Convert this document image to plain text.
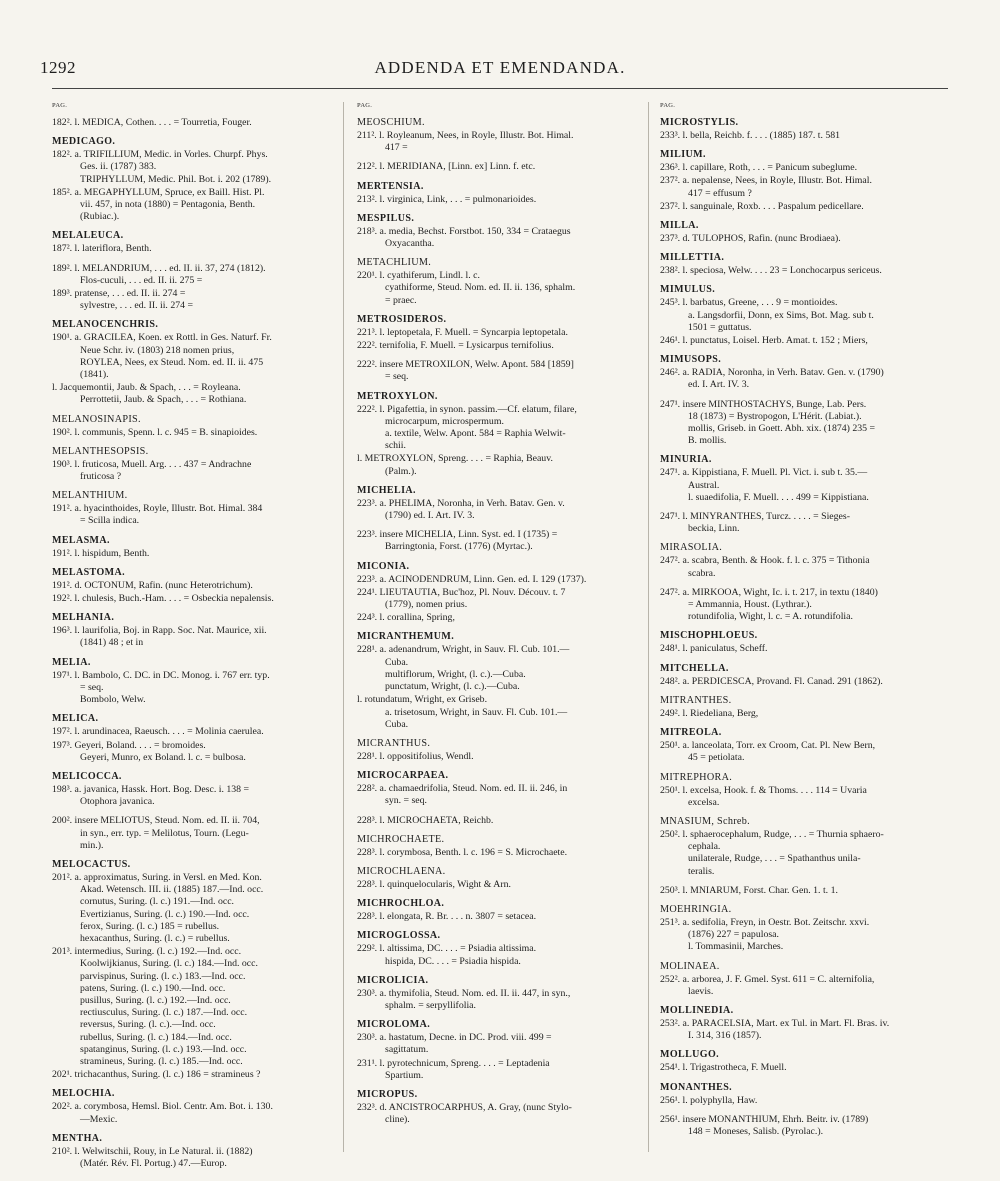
1292	ADDENDA ET EMENDANDA.
PAG.
182². l. MEDICA, Cothen. . . . = Tourretia, Fouger.
MEDICAGO.
182². a. TRIFILLIUM, Medic. in Vorles. Churpf. Phys.
Ges. ii. (1787) 383.
TRIPHYLLUM, Medic. Phil. Bot. i. 202 (1789).
185². a. MEGAPHYLLUM, Spruce, ex Baill. Hist. Pl.
vii. 457, in nota (1880) = Pentagonia, Benth.
(Rubiac.).
MELALEUCA.
187². l. lateriflora, Benth.
189². l. MELANDRIUM, . . . ed. II. ii. 37, 274 (1812).
Flos-cuculi, . . . ed. II. ii. 275 =
189³. pratense, . . . ed. II. ii. 274 =
sylvestre, . . . ed. II. ii. 274 =
MELANOCENCHRIS.
190¹. a. GRACILEA, Koen. ex Rottl. in Ges. Naturf. Fr.
Neue Schr. iv. (1803) 218 nomen prius,
ROYLEA, Nees, ex Steud. Nom. ed. II. ii. 475
(1841).
l. Jacquemontii, Jaub. & Spach, . . . = Royleana.
Perrottetii, Jaub. & Spach, . . . = Rothiana.
MELANOSINAPIS.
190². l. communis, Spenn. l. c. 945 = B. sinapioides.
MELANTHESOPSIS.
190³. l. fruticosa, Muell. Arg. . . . 437 = Andrachne
fruticosa ?
MELANTHIUM.
191². a. hyacinthoides, Royle, Illustr. Bot. Himal. 384
= Scilla indica.
MELASMA.
191². l. hispidum, Benth.
MELASTOMA.
191². d. OCTONUM, Rafin. (nunc Heterotrichum).
192². l. chulesis, Buch.-Ham. . . . = Osbeckia nepalensis.
MELHANIA.
196³. l. laurifolia, Boj. in Rapp. Soc. Nat. Maurice, xii.
(1841) 48 ; et in
MELIA.
197¹. l. Bambolo, C. DC. in DC. Monog. i. 767 err. typ.
= seq.
Bombolo, Welw.
MELICA.
197². l. arundinacea, Raeusch. . . . = Molinia caerulea.
197³. Geyeri, Boland. . . . = bromoides.
Geyeri, Munro, ex Boland. l. c. = bulbosa.
MELICOCCA.
198³. a. javanica, Hassk. Hort. Bog. Desc. i. 138 =
Otophora javanica.
200². insere MELIOTUS, Steud. Nom. ed. II. ii. 704,
in syn., err. typ. = Melilotus, Tourn. (Legu-
min.).
MELOCACTUS.
201². a. approximatus, Suring. in Versl. en Med. Kon.
Akad. Wetensch. III. ii. (1885) 187.—Ind. occ.
cornutus, Suring. (l. c.) 191.—Ind. occ.
Evertizianus, Suring. (l. c.) 190.—Ind. occ.
ferox, Suring. (l. c.) 185 = rubellus.
hexacanthus, Suring. (l. c.) = rubellus.
201³. intermedius, Suring. (l. c.) 192.—Ind. occ.
Koolwijkianus, Suring. (l. c.) 184.—Ind. occ.
parvispinus, Suring. (l. c.) 183.—Ind. occ.
patens, Suring. (l. c.) 190.—Ind. occ.
pusillus, Suring. (l. c.) 192.—Ind. occ.
rectiusculus, Suring. (l. c.) 187.—Ind. occ.
reversus, Suring. (l. c.).—Ind. occ.
rubellus, Suring. (l. c.) 184.—Ind. occ.
spatanginus, Suring. (l. c.) 193.—Ind. occ.
stramineus, Suring. (l. c.) 185.—Ind. occ.
202¹. trichacanthus, Suring. (l. c.) 186 = stramineus ?
MELOCHIA.
202². a. corymbosa, Hemsl. Biol. Centr. Am. Bot. i. 130.
—Mexic.
MENTHA.
210². l. Welwitschii, Rouy, in Le Natural. ii. (1882)
(Matér. Rév. Fl. Portug.) 47.—Europ.
PAG.
MEOSCHIUM.
211². l. Royleanum, Nees, in Royle, Illustr. Bot. Himal.
417 =
212². l. MERIDIANA, [Linn. ex] Linn. f. etc.
MERTENSIA.
213². l. virginica, Link, . . . = pulmonarioides.
MESPILUS.
218³. a. media, Bechst. Forstbot. 150, 334 = Crataegus
Oxyacantha.
METACHLIUM.
220¹. l. cyathiferum, Lindl. l. c.
cyathiforme, Steud. Nom. ed. II. ii. 136, sphalm.
= praec.
METROSIDEROS.
221³. l. leptopetala, F. Muell. = Syncarpia leptopetala.
222². ternifolia, F. Muell. = Lysicarpus ternifolius.
222². insere METROXILON, Welw. Apont. 584 [1859]
= seq.
METROXYLON.
222². l. Pigafettia, in synon. passim.—Cf. elatum, filare,
microcarpum, microspermum.
a. textile, Welw. Apont. 584 = Raphia Welwit-
schii.
l. METROXYLON, Spreng. . . . = Raphia, Beauv.
(Palm.).
MICHELIA.
223³. a. PHELIMA, Noronha, in Verh. Batav. Gen. v.
(1790) ed. I. Art. IV. 3.
223³. insere MICHELIA, Linn. Syst. ed. I (1735) =
Barringtonia, Forst. (1776) (Myrtac.).
MICONIA.
223³. a. ACINODENDRUM, Linn. Gen. ed. I. 129 (1737).
224¹. LIEUTAUTIA, Buc'hoz, Pl. Nouv. Découv. t. 7
(1779), nomen prius.
224³. l. corallina, Spring,
MICRANTHEMUM.
228¹. a. adenandrum, Wright, in Sauv. Fl. Cub. 101.—
Cuba.
multiflorum, Wright, (l. c.).—Cuba.
punctatum, Wright, (l. c.).—Cuba.
l. rotundatum, Wright, ex Griseb.
a. trisetosum, Wright, in Sauv. Fl. Cub. 101.—
Cuba.
MICRANTHUS.
228¹. l. oppositifolius, Wendl.
MICROCARPAEA.
228². a. chamaedrifolia, Steud. Nom. ed. II. ii. 246, in
syn. = seq.
228³. l. MICROCHAETA, Reichb.
MICHROCHAETE.
228³. l. corymbosa, Benth. l. c. 196 = S. Microchaete.
MICROCHLAENA.
228³. l. quinquelocularis, Wight & Arn.
MICHROCHLOA.
228³. l. elongata, R. Br. . . . n. 3807 = setacea.
MICROGLOSSA.
229². l. altissima, DC. . . . = Psiadia altissima.
hispida, DC. . . . = Psiadia hispida.
MICROLICIA.
230³. a. thymifolia, Steud. Nom. ed. II. ii. 447, in syn.,
sphalm. = serpyllifolia.
MICROLOMA.
230³. a. hastatum, Decne. in DC. Prod. viii. 499 =
sagittatum.
231¹. l. pyrotechnicum, Spreng. . . . = Leptadenia
Spartium.
MICROPUS.
232³. d. ANCISTROCARPHUS, A. Gray, (nunc Stylo-
cline).
PAG.
MICROSTYLIS.
233³. l. bella, Reichb. f. . . . (1885) 187. t. 581
MILIUM.
236³. l. capillare, Roth, . . . = Panicum subeglume.
237². a. nepalense, Nees, in Royle, Illustr. Bot. Himal.
417 = effusum ?
237². l. sanguinale, Roxb. . . . Paspalum pedicellare.
MILLA.
237³. d. TULOPHOS, Rafin. (nunc Brodiaea).
MILLETTIA.
238². l. speciosa, Welw. . . . 23 = Lonchocarpus sericeus.
MIMULUS.
245³. l. barbatus, Greene, . . . 9 = montioides.
a. Langsdorfii, Donn, ex Sims, Bot. Mag. sub t.
1501 = guttatus.
246¹. l. punctatus, Loisel. Herb. Amat. t. 152 ; Miers,
MIMUSOPS.
246². a. RADIA, Noronha, in Verh. Batav. Gen. v. (1790)
ed. I. Art. IV. 3.
247¹. insere MINTHOSTACHYS, Bunge, Lab. Pers.
18 (1873) = Bystropogon, L'Hérit. (Labiat.).
mollis, Griseb. in Goett. Abh. xix. (1874) 235 =
B. mollis.
MINURIA.
247¹. a. Kippistiana, F. Muell. Pl. Vict. i. sub t. 35.—
Austral.
l. suaedifolia, F. Muell. . . . 499 = Kippistiana.
247¹. l. MINYRANTHES, Turcz. . . . . = Sieges-
beckia, Linn.
MIRASOLIA.
247². a. scabra, Benth. & Hook. f. l. c. 375 = Tithonia
scabra.
247². a. MIRKOOA, Wight, Ic. i. t. 217, in textu (1840)
= Ammannia, Houst. (Lythrar.).
rotundifolia, Wight, l. c. = A. rotundifolia.
MISCHOPHLOEUS.
248¹. l. paniculatus, Scheff.
MITCHELLA.
248². a. PERDICESCA, Provand. Fl. Canad. 291 (1862).
MITRANTHES.
249². l. Riedeliana, Berg,
MITREOLA.
250¹. a. lanceolata, Torr. ex Croom, Cat. Pl. New Bern,
45 = petiolata.
MITREPHORA.
250¹. l. excelsa, Hook. f. & Thoms. . . . 114 = Uvaria
excelsa.
MNASIUM, Schreb.
250². l. sphaerocephalum, Rudge, . . . = Thurnia sphaero-
cephala.
unilaterale, Rudge, . . . = Spathanthus unila-
teralis.
250³. l. MNIARUM, Forst. Char. Gen. 1. t. 1.
MOEHRINGIA.
251³. a. sedifolia, Freyn, in Oestr. Bot. Zeitschr. xxvi.
(1876) 227 = papulosa.
l. Tommasinii, Marches.
MOLINAEA.
252². a. arborea, J. F. Gmel. Syst. 611 = C. alternifolia,
laevis.
MOLLINEDIA.
253². a. PARACELSIA, Mart. ex Tul. in Mart. Fl. Bras. iv.
I. 314, 316 (1857).
MOLLUGO.
254¹. l. Trigastrotheca, F. Muell.
MONANTHES.
256¹. l. polyphylla, Haw.
256¹. insere MONANTHIUM, Ehrh. Beitr. iv. (1789)
148 = Moneses, Salisb. (Pyrolac.).
